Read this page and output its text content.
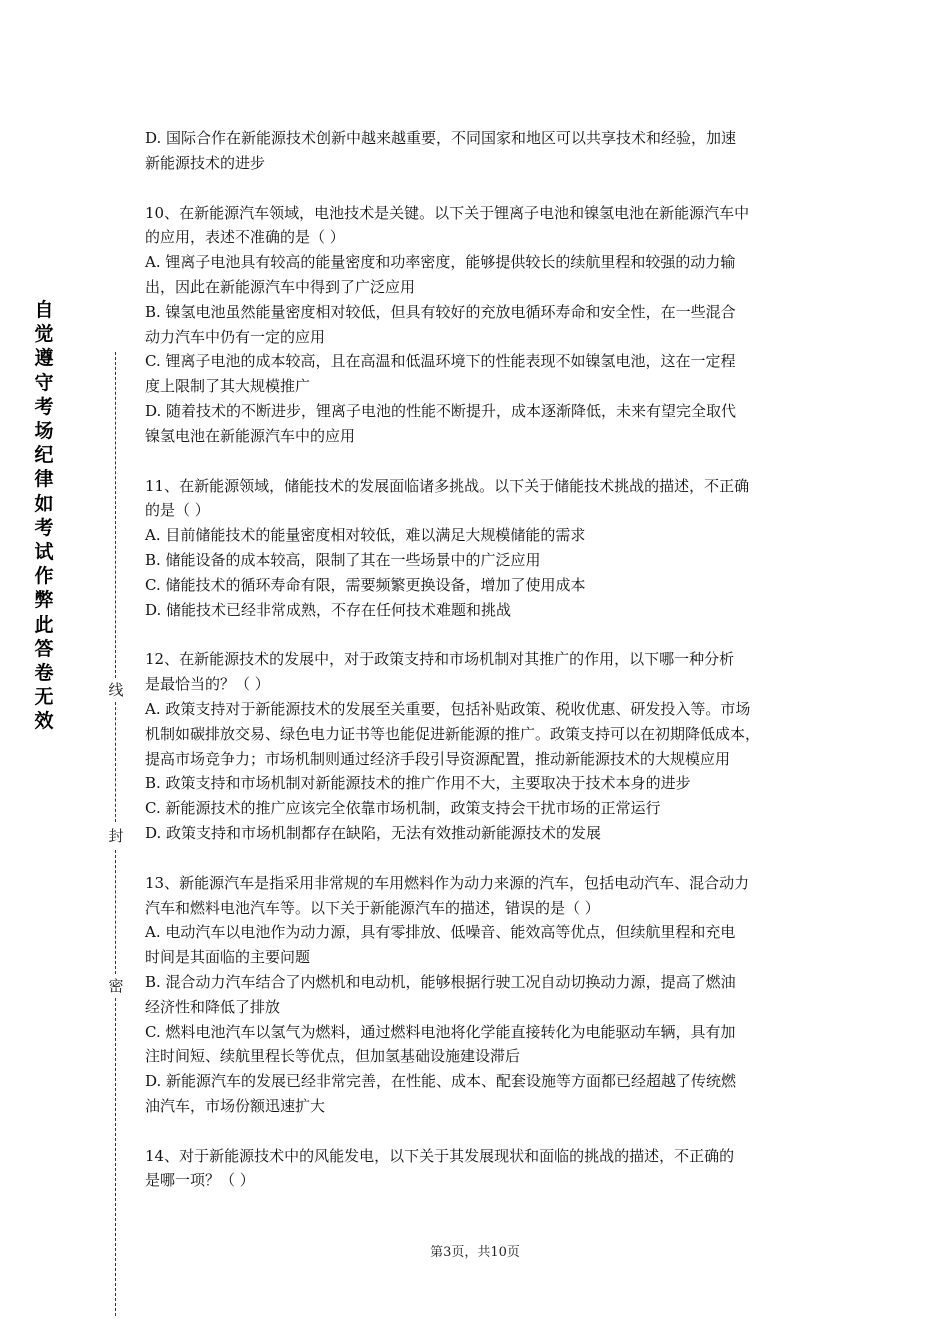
自觉遵守考场纪律如考试作弊此答卷无效
线
封
密

D. 国际合作在新能源技术创新中越来越重要，不同国家和地区可以共享技术和经验，加速

新能源技术的进步

10、在新能源汽车领域，电池技术是关键。以下关于锂离子电池和镍氢电池在新能源汽车中

的应用，表述不准确的是（ ）

A. 锂离子电池具有较高的能量密度和功率密度，能够提供较长的续航里程和较强的动力输

出，因此在新能源汽车中得到了广泛应用

B. 镍氢电池虽然能量密度相对较低，但具有较好的充放电循环寿命和安全性，在一些混合

动力汽车中仍有一定的应用

C. 锂离子电池的成本较高，且在高温和低温环境下的性能表现不如镍氢电池，这在一定程

度上限制了其大规模推广

D. 随着技术的不断进步，锂离子电池的性能不断提升，成本逐渐降低，未来有望完全取代

镍氢电池在新能源汽车中的应用

11、在新能源领域，储能技术的发展面临诸多挑战。以下关于储能技术挑战的描述，不正确

的是（ ）

A. 目前储能技术的能量密度相对较低，难以满足大规模储能的需求

B. 储能设备的成本较高，限制了其在一些场景中的广泛应用

C. 储能技术的循环寿命有限，需要频繁更换设备，增加了使用成本

D. 储能技术已经非常成熟，不存在任何技术难题和挑战

12、在新能源技术的发展中，对于政策支持和市场机制对其推广的作用，以下哪一种分析

是最恰当的？（ ）

A. 政策支持对于新能源技术的发展至关重要，包括补贴政策、税收优惠、研发投入等。市场

机制如碳排放交易、绿色电力证书等也能促进新能源的推广。政策支持可以在初期降低成本，

提高市场竞争力；市场机制则通过经济手段引导资源配置，推动新能源技术的大规模应用

B. 政策支持和市场机制对新能源技术的推广作用不大，主要取决于技术本身的进步

C. 新能源技术的推广应该完全依靠市场机制，政策支持会干扰市场的正常运行

D. 政策支持和市场机制都存在缺陷，无法有效推动新能源技术的发展

13、新能源汽车是指采用非常规的车用燃料作为动力来源的汽车，包括电动汽车、混合动力

汽车和燃料电池汽车等。以下关于新能源汽车的描述，错误的是（ ）

A. 电动汽车以电池作为动力源，具有零排放、低噪音、能效高等优点，但续航里程和充电

时间是其面临的主要问题

B. 混合动力汽车结合了内燃机和电动机，能够根据行驶工况自动切换动力源，提高了燃油

经济性和降低了排放

C. 燃料电池汽车以氢气为燃料，通过燃料电池将化学能直接转化为电能驱动车辆，具有加

注时间短、续航里程长等优点，但加氢基础设施建设滞后

D. 新能源汽车的发展已经非常完善，在性能、成本、配套设施等方面都已经超越了传统燃

油汽车，市场份额迅速扩大

14、对于新能源技术中的风能发电，以下关于其发展现状和面临的挑战的描述，不正确的

是哪一项？（ ）

第3页，共10页
